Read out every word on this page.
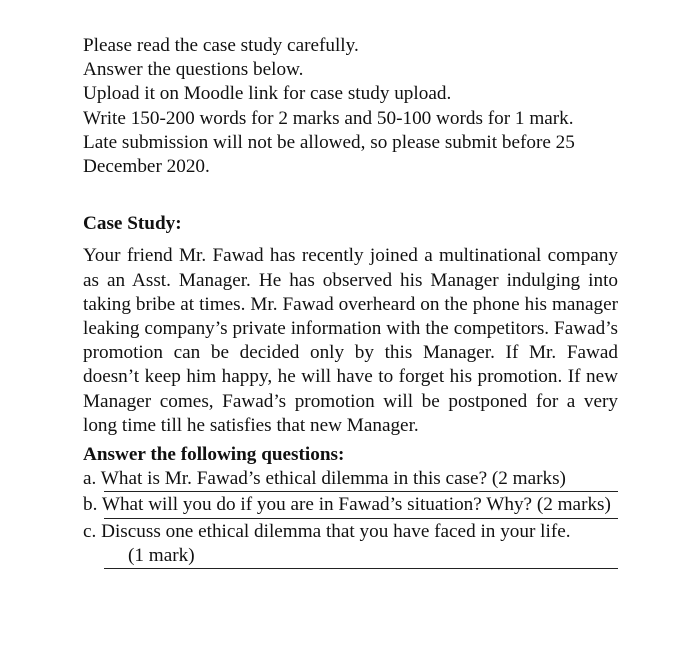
Please read the case study carefully.
Answer the questions below.
Upload it on Moodle link for case study upload.
Write 150-200 words for 2 marks and 50-100 words for 1 mark.
Late submission will not be allowed, so please submit before 25 December 2020.
Case Study:

Your friend Mr. Fawad has recently joined a multinational company as an Asst. Manager. He has observed his Manager indulging into taking bribe at times. Mr. Fawad overheard on the phone his manager leaking company’s private information with the competitors. Fawad’s promotion can be decided only by this Manager. If Mr. Fawad doesn’t keep him happy, he will have to forget his promotion. If new Manager comes, Fawad’s promotion will be postponed for a very long time till he satisfies that new Manager.

Answer the following questions:
a. What is Mr. Fawad’s ethical dilemma in this case? (2 marks)
b. What will you do if you are in Fawad’s situation? Why? (2 marks)
c. Discuss one ethical dilemma that you have faced in your life.
(1 mark)
